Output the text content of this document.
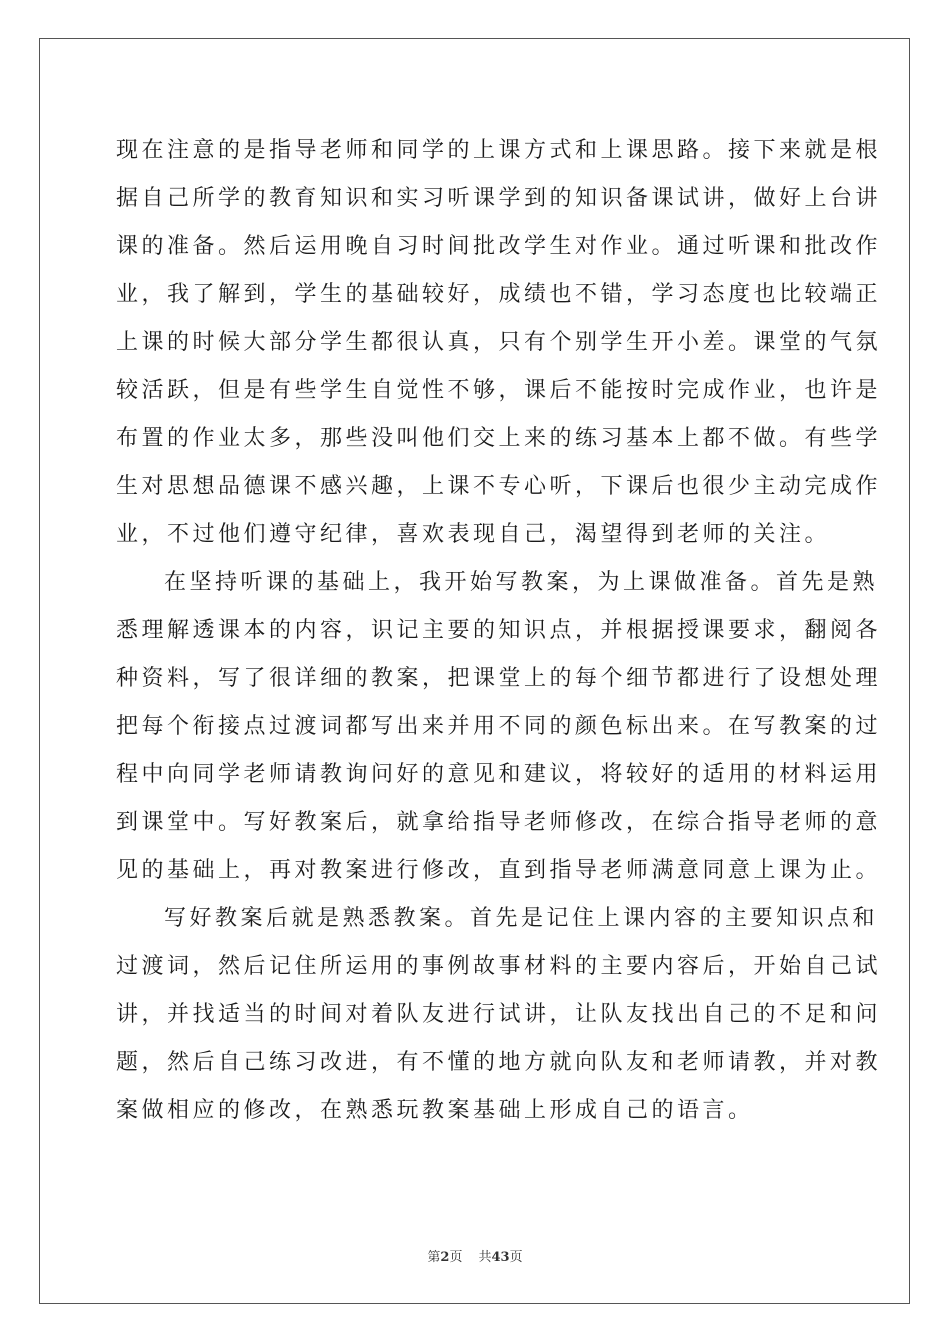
现在注意的是指导老师和同学的上课方式和上课思路。接下来就是根
据自己所学的教育知识和实习听课学到的知识备课试讲，做好上台讲
课的准备。然后运用晚自习时间批改学生对作业。通过听课和批改作
业，我了解到，学生的基础较好，成绩也不错，学习态度也比较端正
上课的时候大部分学生都很认真，只有个别学生开小差。课堂的气氛
较活跃，但是有些学生自觉性不够，课后不能按时完成作业，也许是
布置的作业太多，那些没叫他们交上来的练习基本上都不做。有些学
生对思想品德课不感兴趣，上课不专心听，下课后也很少主动完成作
业，不过他们遵守纪律，喜欢表现自己，渴望得到老师的关注。
在坚持听课的基础上，我开始写教案，为上课做准备。首先是熟
悉理解透课本的内容，识记主要的知识点，并根据授课要求，翻阅各
种资料，写了很详细的教案，把课堂上的每个细节都进行了设想处理
把每个衔接点过渡词都写出来并用不同的颜色标出来。在写教案的过
程中向同学老师请教询问好的意见和建议，将较好的适用的材料运用
到课堂中。写好教案后，就拿给指导老师修改，在综合指导老师的意
见的基础上，再对教案进行修改，直到指导老师满意同意上课为止。
写好教案后就是熟悉教案。首先是记住上课内容的主要知识点和
过渡词，然后记住所运用的事例故事材料的主要内容后，开始自己试
讲，并找适当的时间对着队友进行试讲，让队友找出自己的不足和问
题，然后自己练习改进，有不懂的地方就向队友和老师请教，并对教
案做相应的修改，在熟悉玩教案基础上形成自己的语言。
第2页 共43页
